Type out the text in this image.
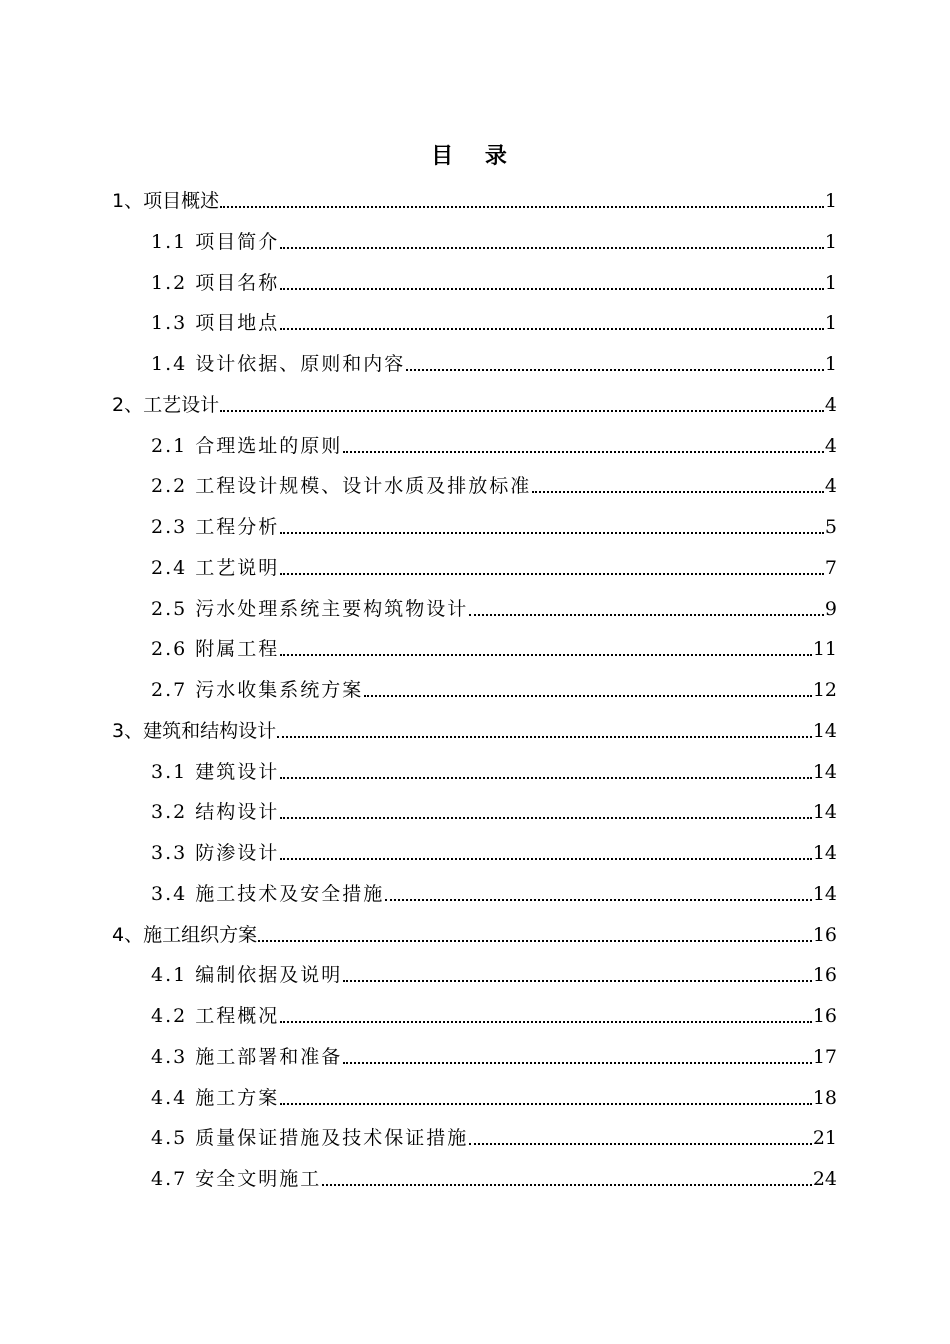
目 录
1、项目概述	1
1.1 项目简介	1
1.2 项目名称	1
1.3 项目地点	1
1.4 设计依据、原则和内容	1
2、工艺设计	4
2.1 合理选址的原则	4
2.2 工程设计规模、设计水质及排放标准	4
2.3 工程分析	5
2.4 工艺说明	7
2.5 污水处理系统主要构筑物设计	9
2.6 附属工程	11
2.7 污水收集系统方案	12
3、建筑和结构设计	14
3.1 建筑设计	14
3.2 结构设计	14
3.3 防渗设计	14
3.4 施工技术及安全措施	14
4、施工组织方案	16
4.1 编制依据及说明	16
4.2 工程概况	16
4.3 施工部署和准备	17
4.4 施工方案	18
4.5 质量保证措施及技术保证措施	21
4.7 安全文明施工	24
